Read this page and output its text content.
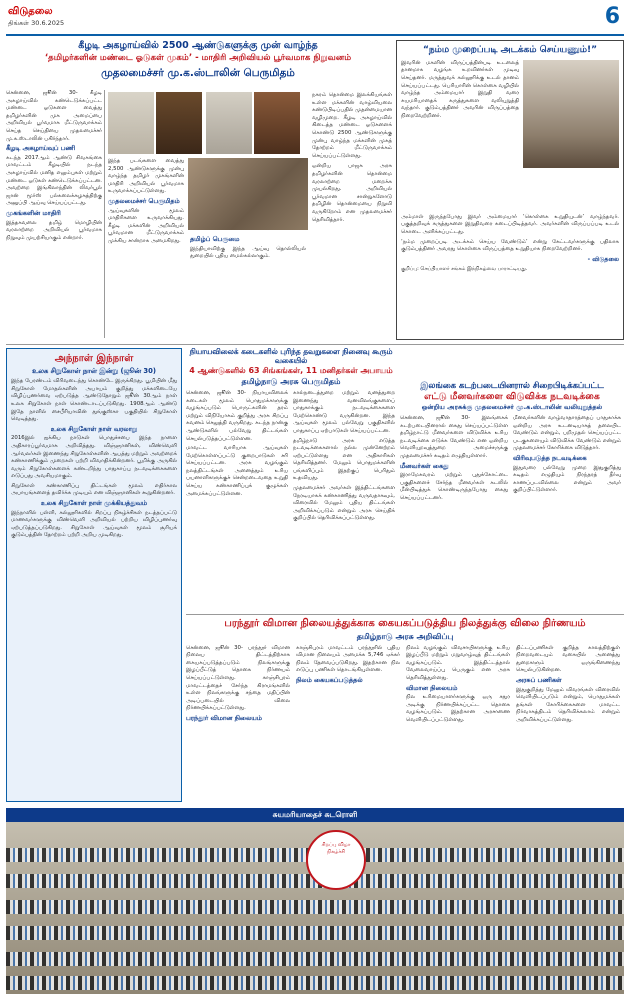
விடுதலை
திங்கள் 30.6.2025	6
கீழடி அகழாய்வில் 2500 ஆண்டுகளுக்கு முன் வாழ்ந்த
‘தமிழர்களின் மண்டை ஓடுகள் முகம்’ - மாதிரி அறிவியல் பூர்வமாக நிறுவனம்
முதலமைச்சர் மு.க.ஸ்டாலின் பெருமிதம்

சென்னை, ஜூன் 30- கீழடி அகழாய்வில் கண்டெடுக்கப்பட்ட மண்டை ஓடுகளை வைத்து தமிழர்களின் முக அமைப்பை அறிவியல் பூர்வமாக மீட்டுருவாக்கம் செய்த செய்தியை முதலமைச்சர் மு.க.ஸ்டாலின் பகிர்ந்தார்.

கீழடி அகழாய்வுப் பணி

கடந்த 2017ஆம் ஆண்டு சிவகங்கை மாவட்டம் கீழடியில் நடந்த அகழாய்வில் மனித எலும்புகள் மற்றும் மண்டை ஓடுகள் கண்டெடுக்கப்பட்டன. அவற்றை இங்கிலாந்தின் லிவர்பூல் ஜான் மூர்ஸ் பல்கலைக்கழகத்திற்கு அனுப்பி ஆய்வு செய்யப்பட்டது.

முகங்களின் மாதிரி

இத்தகவலை தமிழ் மொழியின் வரலாற்றை அறிவியல் பூர்வமாக நிறுவும் முயற்சியாகும் என்றார்.

இந்த படங்களை வைத்து 2,500 ஆண்டுகளுக்கு முன்பு வாழ்ந்த தமிழர் முகங்களின் மாதிரி அறிவியல் பூர்வமாக உருவாக்கப்பட்டுள்ளது.

முதலமைச்சர் பெருமிதம்

ஆய்வுகளின் மூலம் மாதிரிகளை உருவாக்கியது. கீழடி மக்களின் அறிவியல் பூர்வமான மீட்டுருவாக்கம் முக்கிய சான்றாக அமைகிறது.	தமிழ்ப் பெருமை

இந்தியாவிற்கு இந்த ஆய்வு தொல்லியல் துறையில் புதிய மைல்கல்லாகும்.

நகரம் தொன்மை இலக்கியங்கள் உள்ள மக்களின் வாழ்வியலை கண்டுபிடிப்பதில் முதன்மையான வழிமுறை. கீழடி அகழாய்வில் கிடைத்த மண்டை ஓடுகளைக் கொண்டு 2500 ஆண்டுகளுக்கு முன்பு வாழ்ந்த மக்களின் முகத் தோற்றம் மீட்டுருவாக்கம் செய்யப்பட்டுள்ளது.

ஒன்றிய பாஜக அரசு தமிழர்களின் தொன்மை வரலாற்றை மறைக்க முயல்கிறது. அறிவியல் பூர்வமான சான்றுகளோடு தமிழின் தொன்மையை நிறுவி வருகிறோம் என முதலமைச்சர் தெரிவித்தார்.

“நம்ம முறைப்படி அடக்கம் செய்யணும்!”

இவரின் மகளின் விருப்பத்தின்படி உடலைத் தானமாக வழங்க உறவினர்கள் முடிவு செய்தனர். மருத்துவக் கல்லூரிக்கு உடல் தானம் செய்யப்பட்டது. பெரியாரின் கொள்கை வழியில் வாழ்ந்த அம்மையார் இறுதி வரை சுயமரியாதைக் கருத்துகளை வலியுறுத்தி வந்தார். குடும்பத்தினர் அவரின் விருப்பத்தை நிறைவேற்றினர்.

அம்மாள் இருந்தபோது இவர் அம்மையார் ‘கொள்கை உறுதியுடன்’ வாழ்ந்தவர். பகுத்தறிவுக் கருத்துகளை இறுதிவரை கடைப்பிடித்தவர். அவர்களின் விருப்பப்படி உடல் கொடை அளிக்கப்பட்டது.

‘நம்ம முறைப்படி அடக்கம் செய்ய வேண்டும்’ என்று கேட்டவர்களுக்கு பதிலாக குடும்பத்தினர் அவரது கொள்கை விருப்பத்தை உறுதியாக நிறைவேற்றினர்.

- விடுதலை
குறிப்பு: செய்தியாளர் சங்கம் இந்நிகழ்வை பாராட்டியது.
அந்நாள் இந்நாள்
உலக சிறுகோள் நாள் இன்று (ஜூன் 30)

இந்த பேரண்டம் விரிவடைந்து கொண்டே இருக்கிறது. பூமியின் மீது சிறுகோள் மோதல்களின் அபாயம் குறித்து மக்களிடையே விழிப்புணர்வை ஏற்படுத்த ஆண்டுதோறும் ஜூன் 30ஆம் நாள் உலக சிறுகோள் நாள் கொண்டாடப்படுகிறது. 1908ஆம் ஆண்டு இதே நாளில் சைபீரியாவின் துங்குஸ்கா பகுதியில் சிறுகோள் வெடித்தது.

உலக சிறுகோள் நாள் வரலாறு

2016இல் ஐக்கிய நாடுகள் பொதுச்சபை இந்த நாளை அதிகாரப்பூர்வமாக அறிவித்தது. விஞ்ஞானிகள், விண்வெளி ஆர்வலர்கள் இணைந்து சிறுகோள்களின் ஆபத்து மற்றும் அவற்றைக் கண்காணிக்கும் முறைகள் பற்றி விவாதிக்கின்றனர். பூமிக்கு அருகில் வரும் சிறுகோள்களைக் கண்டறிந்து பாதுகாப்பு நடவடிக்கைகளை எடுப்பது அவசியமாகும்.

சிறுகோள் கண்காணிப்பு திட்டங்கள் மூலம் எதிர்கால அபாயங்களைத் தவிர்க்க முடியும் என விஞ்ஞானிகள் கூறுகின்றனர்.

உலக சிறுகோள் நாள் முக்கியத்துவம்

இந்நாளில் பள்ளி, கல்லூரிகளில் சிறப்பு நிகழ்ச்சிகள் நடத்தப்பட்டு மாணவர்களுக்கு விண்வெளி அறிவியல் பற்றிய விழிப்புணர்வு ஏற்படுத்தப்படுகிறது. சிறுகோள் ஆய்வுகள் மூலம் சூரியக் குடும்பத்தின் தோற்றம் பற்றி அறிய முடிகிறது.

நியாயவிலைக் கடைகளில் புரிந்த தவறுகளை நினைவு கூரும் வகையில்
4 ஆண்டுகளில் 63 சிங்கங்கள், 11 மனிதர்கள் அபாயம்
தமிழ்நாடு அரசு பெருமிதம்

சென்னை, ஜூன் 30- நியாயவிலைக் கடைகள் மூலம் பொதுமக்களுக்கு வழங்கப்படும் பொருட்களின் தரம் மற்றும் விநியோகம் குறித்து அரசு சிறப்பு கவனம் செலுத்தி வருகிறது. கடந்த நான்கு ஆண்டுகளில் பல்வேறு திட்டங்கள் செயல்படுத்தப்பட்டுள்ளன.

மாவட்ட வாரியாக ஆய்வுகள் மேற்கொள்ளப்பட்டு குறைபாடுகள் சரி செய்யப்பட்டன. அரசு வழங்கும் நலத்திட்டங்கள் அனைத்தும் உரிய பயனாளிகளுக்குச் சென்றடைவதை உறுதி செய்ய கண்காணிப்புக் குழுக்கள் அமைக்கப்பட்டுள்ளன.

கால்நடைத்துறை மற்றும் வனத்துறை இணைந்து வனவிலங்குகளைப் பாதுகாக்கும் நடவடிக்கைகளை மேற்கொண்டு வருகின்றன. இந்த ஆய்வுகள் மூலம் பல்வேறு பகுதிகளில் பாதுகாப்பு ஏற்பாடுகள் செய்யப்பட்டன.

தமிழ்நாடு அரசு எடுத்த நடவடிக்கைகளால் நல்ல முன்னேற்றம் ஏற்பட்டுள்ளது என அதிகாரிகள் தெரிவித்தனர். மேலும் பொதுமக்களின் பங்களிப்பும் இதற்குப் பெரிதும் உதவியது.

முதலமைச்சர் அவர்கள் இத்திட்டங்களை நேரடியாகக் கண்காணித்து வருவதாகவும், விரைவில் மேலும் புதிய திட்டங்கள் அறிவிக்கப்படும் என்றும் அரசு செய்திக் குறிப்பில் தெரிவிக்கப்பட்டுள்ளது.

இலங்கை கடற்படையினரால் சிறைபிடிக்கப்பட்ட
எட்டு மீனவர்களை விடுவிக்க நடவடிக்கை
ஒன்றிய அரசுக்கு முதலமைச்சர் மு.க.ஸ்டாலின் வலியுறுத்தல்

சென்னை, ஜூன் 30- இலங்கைக் கடற்படையினரால் கைது செய்யப்பட்டுள்ள தமிழ்நாட்டு மீனவர்களை விடுவிக்க உரிய நடவடிக்கை எடுக்க வேண்டும் என ஒன்றிய வெளியுறவுத்துறை அமைச்சருக்கு முதலமைச்சர் கடிதம் எழுதியுள்ளார்.

மீனவர்கள் கைது

இராமேசுவரம் மற்றும் புதுக்கோட்டை பகுதிகளைச் சேர்ந்த மீனவர்கள் கடலில் மீன்பிடித்துக் கொண்டிருந்தபோது கைது செய்யப்பட்டனர்.

மீனவர்களின் வாழ்வாதாரத்தைப் பாதுகாக்க ஒன்றிய அரசு உடனடியாகத் தலையிட வேண்டும் என்றும், பறிமுதல் செய்யப்பட்ட படகுகளையும் விடுவிக்க வேண்டும் என்றும் முதலமைச்சர் கோரிக்கை விடுத்தார்.

விரிவுபடுத்த நடவடிக்கை

இதுவரை பல்வேறு முறை இதுகுறித்து கடிதம் எழுதியும் நிரந்தரத் தீர்வு காணப்படவில்லை என்றும் அவர் குறிப்பிட்டுள்ளார்.

பரந்தூர் விமான நிலையத்துக்காக கையகப்படுத்திய நிலத்துக்கு விலை நிர்ணயம்
தமிழ்நாடு அரசு அறிவிப்பு

சென்னை, ஜூன் 30- பரந்தூர் விமான நிலைய திட்டத்திற்காக கையகப்படுத்தப்படும் நிலங்களுக்கு இழப்பீட்டுத் தொகை நிர்ணயம் செய்யப்பட்டுள்ளது. காஞ்சிபுரம் மாவட்டத்தைச் சேர்ந்த கிராமங்களில் உள்ள நிலங்களுக்கு சந்தை மதிப்பின் அடிப்படையில் விலை நிர்ணயிக்கப்பட்டுள்ளது.

பரந்தூர் விமான நிலையம்

காஞ்சிபுரம் மாவட்டம் பரந்தூரில் புதிய விமான நிலையம் அமைக்க 5,746 ஏக்கர் நிலம் தேவைப்படுகிறது. இதற்கான நில எடுப்பு பணிகள் தொடங்கியுள்ளன.

நிலம் கையகப்படுத்தல்

நிலம் வழங்கும் விவசாயிகளுக்கு உரிய இழப்பீடு மற்றும் மறுவாழ்வுத் திட்டங்கள் வழங்கப்படும். இத்திட்டத்தால் வேலைவாய்ப்பு பெருகும் என அரசு தெரிவித்துள்ளது.

விமான நிலையம்

நில உரிமையாளர்களுக்கு ஒரு சதுர அடிக்கு நிர்ணயிக்கப்பட்ட தொகை வழங்கப்படும். இதற்கான அரசாணை வெளியிடப்பட்டுள்ளது.

திட்டப்பணிகள் குறித்த காலத்திற்குள் நிறைவடையும் வகையில் அனைத்து துறைகளும் ஒருங்கிணைந்து செயல்படுகின்றன.

அரசுப் பணிகள்

இதுகுறித்து மேலும் விவரங்கள் விரைவில் வெளியிடப்படும் என்றும், பொதுமக்கள் தங்கள் கோரிக்கைகளை மாவட்ட நிர்வாகத்திடம் தெரிவிக்கலாம் என்றும் அறிவிக்கப்பட்டுள்ளது.

சுயமரியாதைச் சுடரொளி
சிறப்பு விழா நிகழ்ச்சி
